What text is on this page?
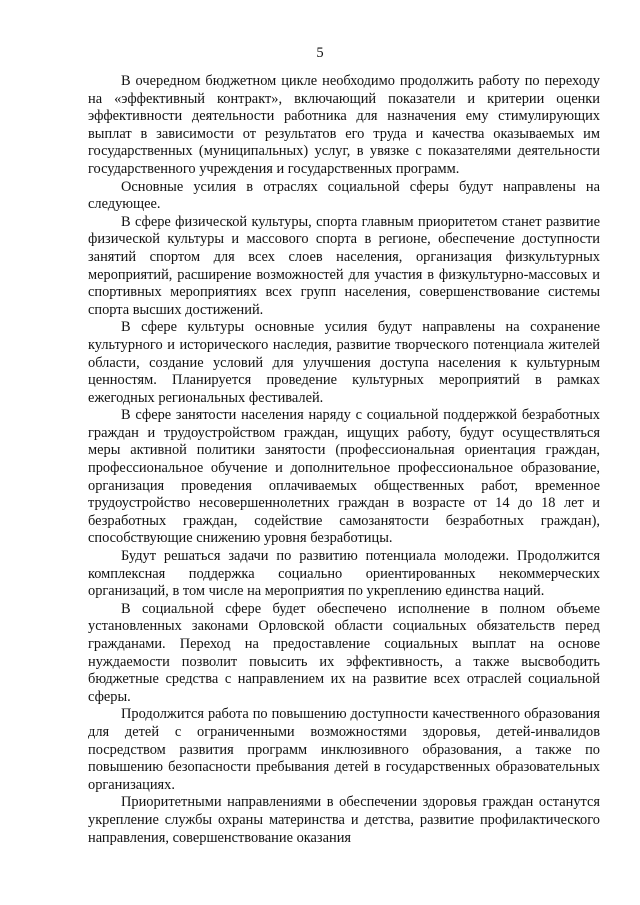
5

В очередном бюджетном цикле необходимо продолжить работу по переходу на «эффективный контракт», включающий показатели и критерии оценки эффективности деятельности работника для назначения ему стимулирующих выплат в зависимости от результатов его труда и качества оказываемых им государственных (муниципальных) услуг, в увязке с показателями деятельности государственного учреждения и государственных программ.

Основные усилия в отраслях социальной сферы будут направлены на следующее.

В сфере физической культуры, спорта главным приоритетом станет развитие физической культуры и массового спорта в регионе, обеспечение доступности занятий спортом для всех слоев населения, организация физкультурных мероприятий, расширение возможностей для участия в физкультурно-массовых и спортивных мероприятиях всех групп населения, совершенствование системы спорта высших достижений.

В сфере культуры основные усилия будут направлены на сохранение культурного и исторического наследия, развитие творческого потенциала жителей области, создание условий для улучшения доступа населения к культурным ценностям. Планируется проведение культурных мероприятий в рамках ежегодных региональных фестивалей.

В сфере занятости населения наряду с социальной поддержкой безработных граждан и трудоустройством граждан, ищущих работу, будут осуществляться меры активной политики занятости (профессиональная ориентация граждан, профессиональное обучение и дополнительное профессиональное образование, организация проведения оплачиваемых общественных работ, временное трудоустройство несовершеннолетних граждан в возрасте от 14 до 18 лет и безработных граждан, содействие самозанятости безработных граждан), способствующие снижению уровня безработицы.

Будут решаться задачи по развитию потенциала молодежи. Продолжится комплексная поддержка социально ориентированных некоммерческих организаций, в том числе на мероприятия по укреплению единства наций.

В социальной сфере будет обеспечено исполнение в полном объеме установленных законами Орловской области социальных обязательств перед гражданами. Переход на предоставление социальных выплат на основе нуждаемости позволит повысить их эффективность, а также высвободить бюджетные средства с направлением их на развитие всех отраслей социальной сферы.

Продолжится работа по повышению доступности качественного образования для детей с ограниченными возможностями здоровья, детей-инвалидов посредством развития программ инклюзивного образования, а также по повышению безопасности пребывания детей в государственных образовательных организациях.

Приоритетными направлениями в обеспечении здоровья граждан останутся укрепление службы охраны материнства и детства, развитие профилактического направления, совершенствование оказания
